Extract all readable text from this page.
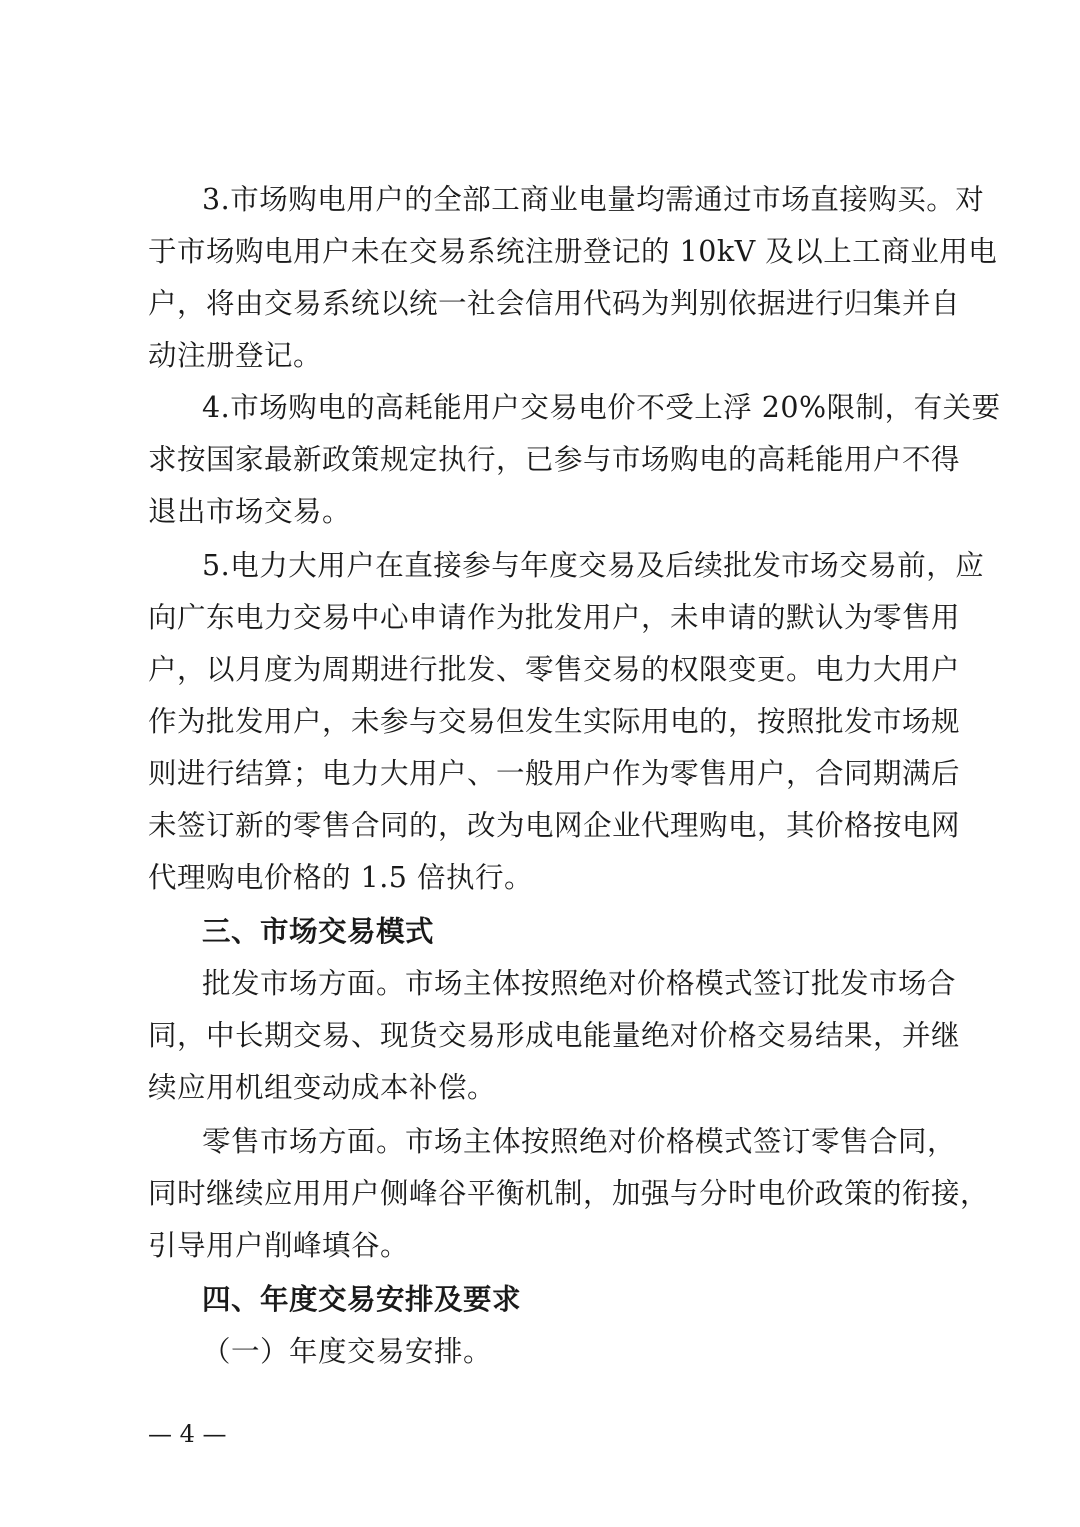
3.市场购电用户的全部工商业电量均需通过市场直接购买。对
于市场购电用户未在交易系统注册登记的 10kV 及以上工商业用电
户，将由交易系统以统一社会信用代码为判别依据进行归集并自
动注册登记。
4.市场购电的高耗能用户交易电价不受上浮 20%限制，有关要
求按国家最新政策规定执行，已参与市场购电的高耗能用户不得
退出市场交易。
5.电力大用户在直接参与年度交易及后续批发市场交易前，应
向广东电力交易中心申请作为批发用户，未申请的默认为零售用
户，以月度为周期进行批发、零售交易的权限变更。电力大用户
作为批发用户，未参与交易但发生实际用电的，按照批发市场规
则进行结算；电力大用户、一般用户作为零售用户，合同期满后
未签订新的零售合同的，改为电网企业代理购电，其价格按电网
代理购电价格的 1.5 倍执行。
三、市场交易模式
批发市场方面。市场主体按照绝对价格模式签订批发市场合
同，中长期交易、现货交易形成电能量绝对价格交易结果，并继
续应用机组变动成本补偿。
零售市场方面。市场主体按照绝对价格模式签订零售合同，
同时继续应用用户侧峰谷平衡机制，加强与分时电价政策的衔接，
引导用户削峰填谷。
四、年度交易安排及要求
（一）年度交易安排。
— 4 —
